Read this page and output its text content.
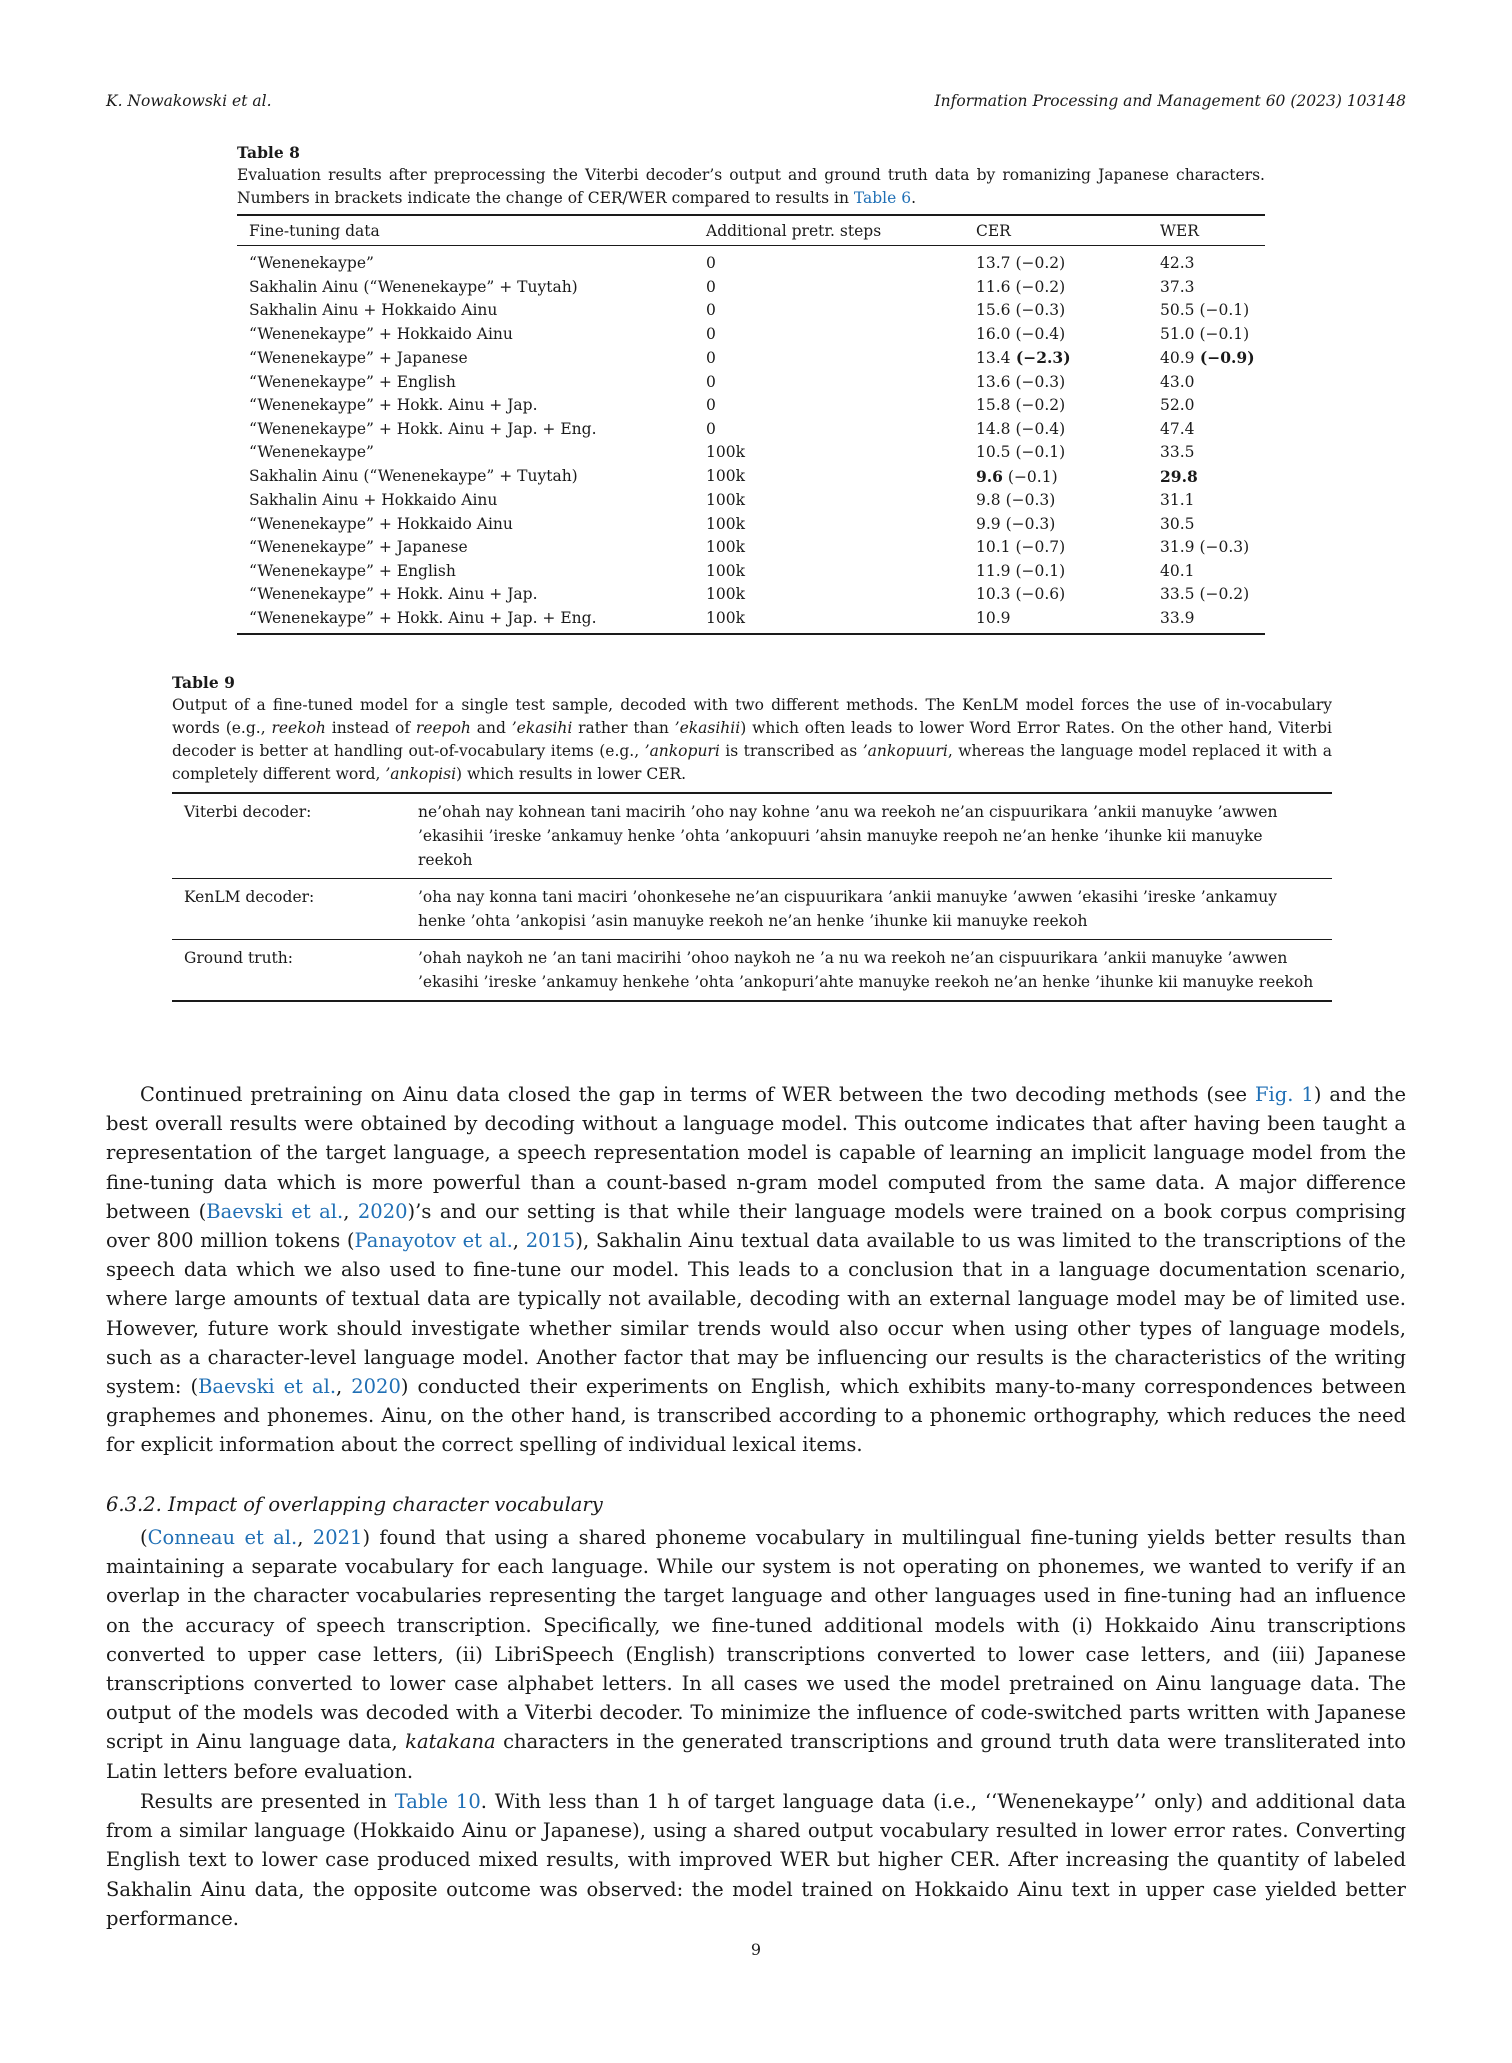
K. Nowakowski et al.	Information Processing and Management 60 (2023) 103148
Table 8
Evaluation results after preprocessing the Viterbi decoder’s output and ground truth data by romanizing Japanese characters. Numbers in brackets indicate the change of CER/WER compared to results in Table 6.
Fine-tuning data	Additional pretr. steps	CER	WER
“Wenenekaype”	0	13.7 (−0.2)	42.3
Sakhalin Ainu (“Wenenekaype” + Tuytah)	0	11.6 (−0.2)	37.3
Sakhalin Ainu + Hokkaido Ainu	0	15.6 (−0.3)	50.5 (−0.1)
“Wenenekaype” + Hokkaido Ainu	0	16.0 (−0.4)	51.0 (−0.1)
“Wenenekaype” + Japanese	0	13.4 (−2.3)	40.9 (−0.9)
“Wenenekaype” + English	0	13.6 (−0.3)	43.0
“Wenenekaype” + Hokk. Ainu + Jap.	0	15.8 (−0.2)	52.0
“Wenenekaype” + Hokk. Ainu + Jap. + Eng.	0	14.8 (−0.4)	47.4
“Wenenekaype”	100k	10.5 (−0.1)	33.5
Sakhalin Ainu (“Wenenekaype” + Tuytah)	100k	9.6 (−0.1)	29.8
Sakhalin Ainu + Hokkaido Ainu	100k	9.8 (−0.3)	31.1
“Wenenekaype” + Hokkaido Ainu	100k	9.9 (−0.3)	30.5
“Wenenekaype” + Japanese	100k	10.1 (−0.7)	31.9 (−0.3)
“Wenenekaype” + English	100k	11.9 (−0.1)	40.1
“Wenenekaype” + Hokk. Ainu + Jap.	100k	10.3 (−0.6)	33.5 (−0.2)
“Wenenekaype” + Hokk. Ainu + Jap. + Eng.	100k	10.9	33.9
Table 9
Output of a fine-tuned model for a single test sample, decoded with two different methods. The KenLM model forces the use of in-vocabulary words (e.g., reekoh instead of reepoh and ’ekasihi rather than ’ekasihii) which often leads to lower Word Error Rates. On the other hand, Viterbi decoder is better at handling out-of-vocabulary items (e.g., ’ankopuri is transcribed as ’ankopuuri, whereas the language model replaced it with a completely different word, ’ankopisi) which results in lower CER.
Viterbi decoder:	ne’ohah nay kohnean tani macirih ’oho nay kohne ’anu wa reekoh ne’an cispuurikara ’ankii manuyke ’awwen ’ekasihii ’ireske ’ankamuy henke ’ohta ’ankopuuri ’ahsin manuyke reepoh ne’an henke ’ihunke kii manuyke reekoh
KenLM decoder:	’oha nay konna tani maciri ’ohonkesehe ne’an cispuurikara ’ankii manuyke ’awwen ’ekasihi ’ireske ’ankamuy henke ’ohta ’ankopisi ’asin manuyke reekoh ne’an henke ’ihunke kii manuyke reekoh
Ground truth:	’ohah naykoh ne ’an tani macirihi ’ohoo naykoh ne ’a nu wa reekoh ne’an cispuurikara ’ankii manuyke ’awwen ’ekasihi ’ireske ’ankamuy henkehe ’ohta ’ankopuri’ahte manuyke reekoh ne’an henke ’ihunke kii manuyke reekoh

Continued pretraining on Ainu data closed the gap in terms of WER between the two decoding methods (see Fig. 1) and the best overall results were obtained by decoding without a language model. This outcome indicates that after having been taught a representation of the target language, a speech representation model is capable of learning an implicit language model from the fine-tuning data which is more powerful than a count-based n-gram model computed from the same data. A major difference between (Baevski et al., 2020)’s and our setting is that while their language models were trained on a book corpus comprising over 800 million tokens (Panayotov et al., 2015), Sakhalin Ainu textual data available to us was limited to the transcriptions of the speech data which we also used to fine-tune our model. This leads to a conclusion that in a language documentation scenario, where large amounts of textual data are typically not available, decoding with an external language model may be of limited use. However, future work should investigate whether similar trends would also occur when using other types of language models, such as a character-level language model. Another factor that may be influencing our results is the characteristics of the writing system: (Baevski et al., 2020) conducted their experiments on English, which exhibits many-to-many correspondences between graphemes and phonemes. Ainu, on the other hand, is transcribed according to a phonemic orthography, which reduces the need for explicit information about the correct spelling of individual lexical items.

6.3.2. Impact of overlapping character vocabulary

(Conneau et al., 2021) found that using a shared phoneme vocabulary in multilingual fine-tuning yields better results than maintaining a separate vocabulary for each language. While our system is not operating on phonemes, we wanted to verify if an overlap in the character vocabularies representing the target language and other languages used in fine-tuning had an influence on the accuracy of speech transcription. Specifically, we fine-tuned additional models with (i) Hokkaido Ainu transcriptions converted to upper case letters, (ii) LibriSpeech (English) transcriptions converted to lower case letters, and (iii) Japanese transcriptions converted to lower case alphabet letters. In all cases we used the model pretrained on Ainu language data. The output of the models was decoded with a Viterbi decoder. To minimize the influence of code-switched parts written with Japanese script in Ainu language data, katakana characters in the generated transcriptions and ground truth data were transliterated into Latin letters before evaluation.

Results are presented in Table 10. With less than 1 h of target language data (i.e., ‘‘Wenenekaype’’ only) and additional data from a similar language (Hokkaido Ainu or Japanese), using a shared output vocabulary resulted in lower error rates. Converting English text to lower case produced mixed results, with improved WER but higher CER. After increasing the quantity of labeled Sakhalin Ainu data, the opposite outcome was observed: the model trained on Hokkaido Ainu text in upper case yielded better performance.

9
